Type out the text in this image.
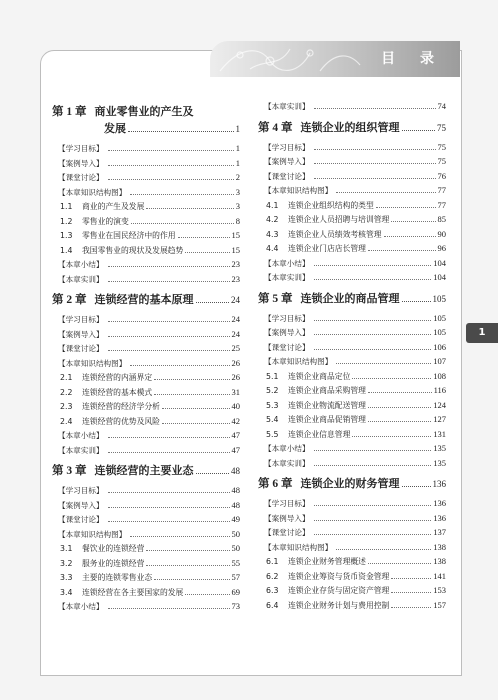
目 录
1
第 1 章 商业零售业的产生及
发展	1
【学习目标】	1
【案例导入】	1
【课堂讨论】	2
【本章知识结构图】	3
1.1	商业的产生及发展	3
1.2	零售业的演变	8
1.3	零售业在国民经济中的作用	15
1.4	我国零售业的现状及发展趋势	15
【本章小结】	23
【本章实训】	23
第 2 章 连锁经营的基本原理	24
【学习目标】	24
【案例导入】	24
【课堂讨论】	25
【本章知识结构图】	26
2.1	连锁经营的内涵界定	26
2.2	连锁经营的基本模式	31
2.3	连锁经营的经济学分析	40
2.4	连锁经营的优势及风险	42
【本章小结】	47
【本章实训】	47
第 3 章 连锁经营的主要业态	48
【学习目标】	48
【案例导入】	48
【课堂讨论】	49
【本章知识结构图】	50
3.1	餐饮业的连锁经营	50
3.2	服务业的连锁经营	55
3.3	主要的连锁零售业态	57
3.4	连锁经营在各主要国家的发展	69
【本章小结】	73
【本章实训】	74
第 4 章 连锁企业的组织管理	75
【学习目标】	75
【案例导入】	75
【课堂讨论】	76
【本章知识结构图】	77
4.1	连锁企业组织结构的类型	77
4.2	连锁企业人员招聘与培训管理	85
4.3	连锁企业人员绩效考核管理	90
4.4	连锁企业门店店长管理	96
【本章小结】	104
【本章实训】	104
第 5 章 连锁企业的商品管理	105
【学习目标】	105
【案例导入】	105
【课堂讨论】	106
【本章知识结构图】	107
5.1	连锁企业商品定位	108
5.2	连锁企业商品采购管理	116
5.3	连锁企业物流配送管理	124
5.4	连锁企业商品促销管理	127
5.5	连锁企业信息管理	131
【本章小结】	135
【本章实训】	135
第 6 章 连锁企业的财务管理	136
【学习目标】	136
【案例导入】	136
【课堂讨论】	137
【本章知识结构图】	138
6.1	连锁企业财务管理概述	138
6.2	连锁企业筹资与货币资金管理	141
6.3	连锁企业存货与固定资产管理	153
6.4	连锁企业财务计划与费用控制	157
